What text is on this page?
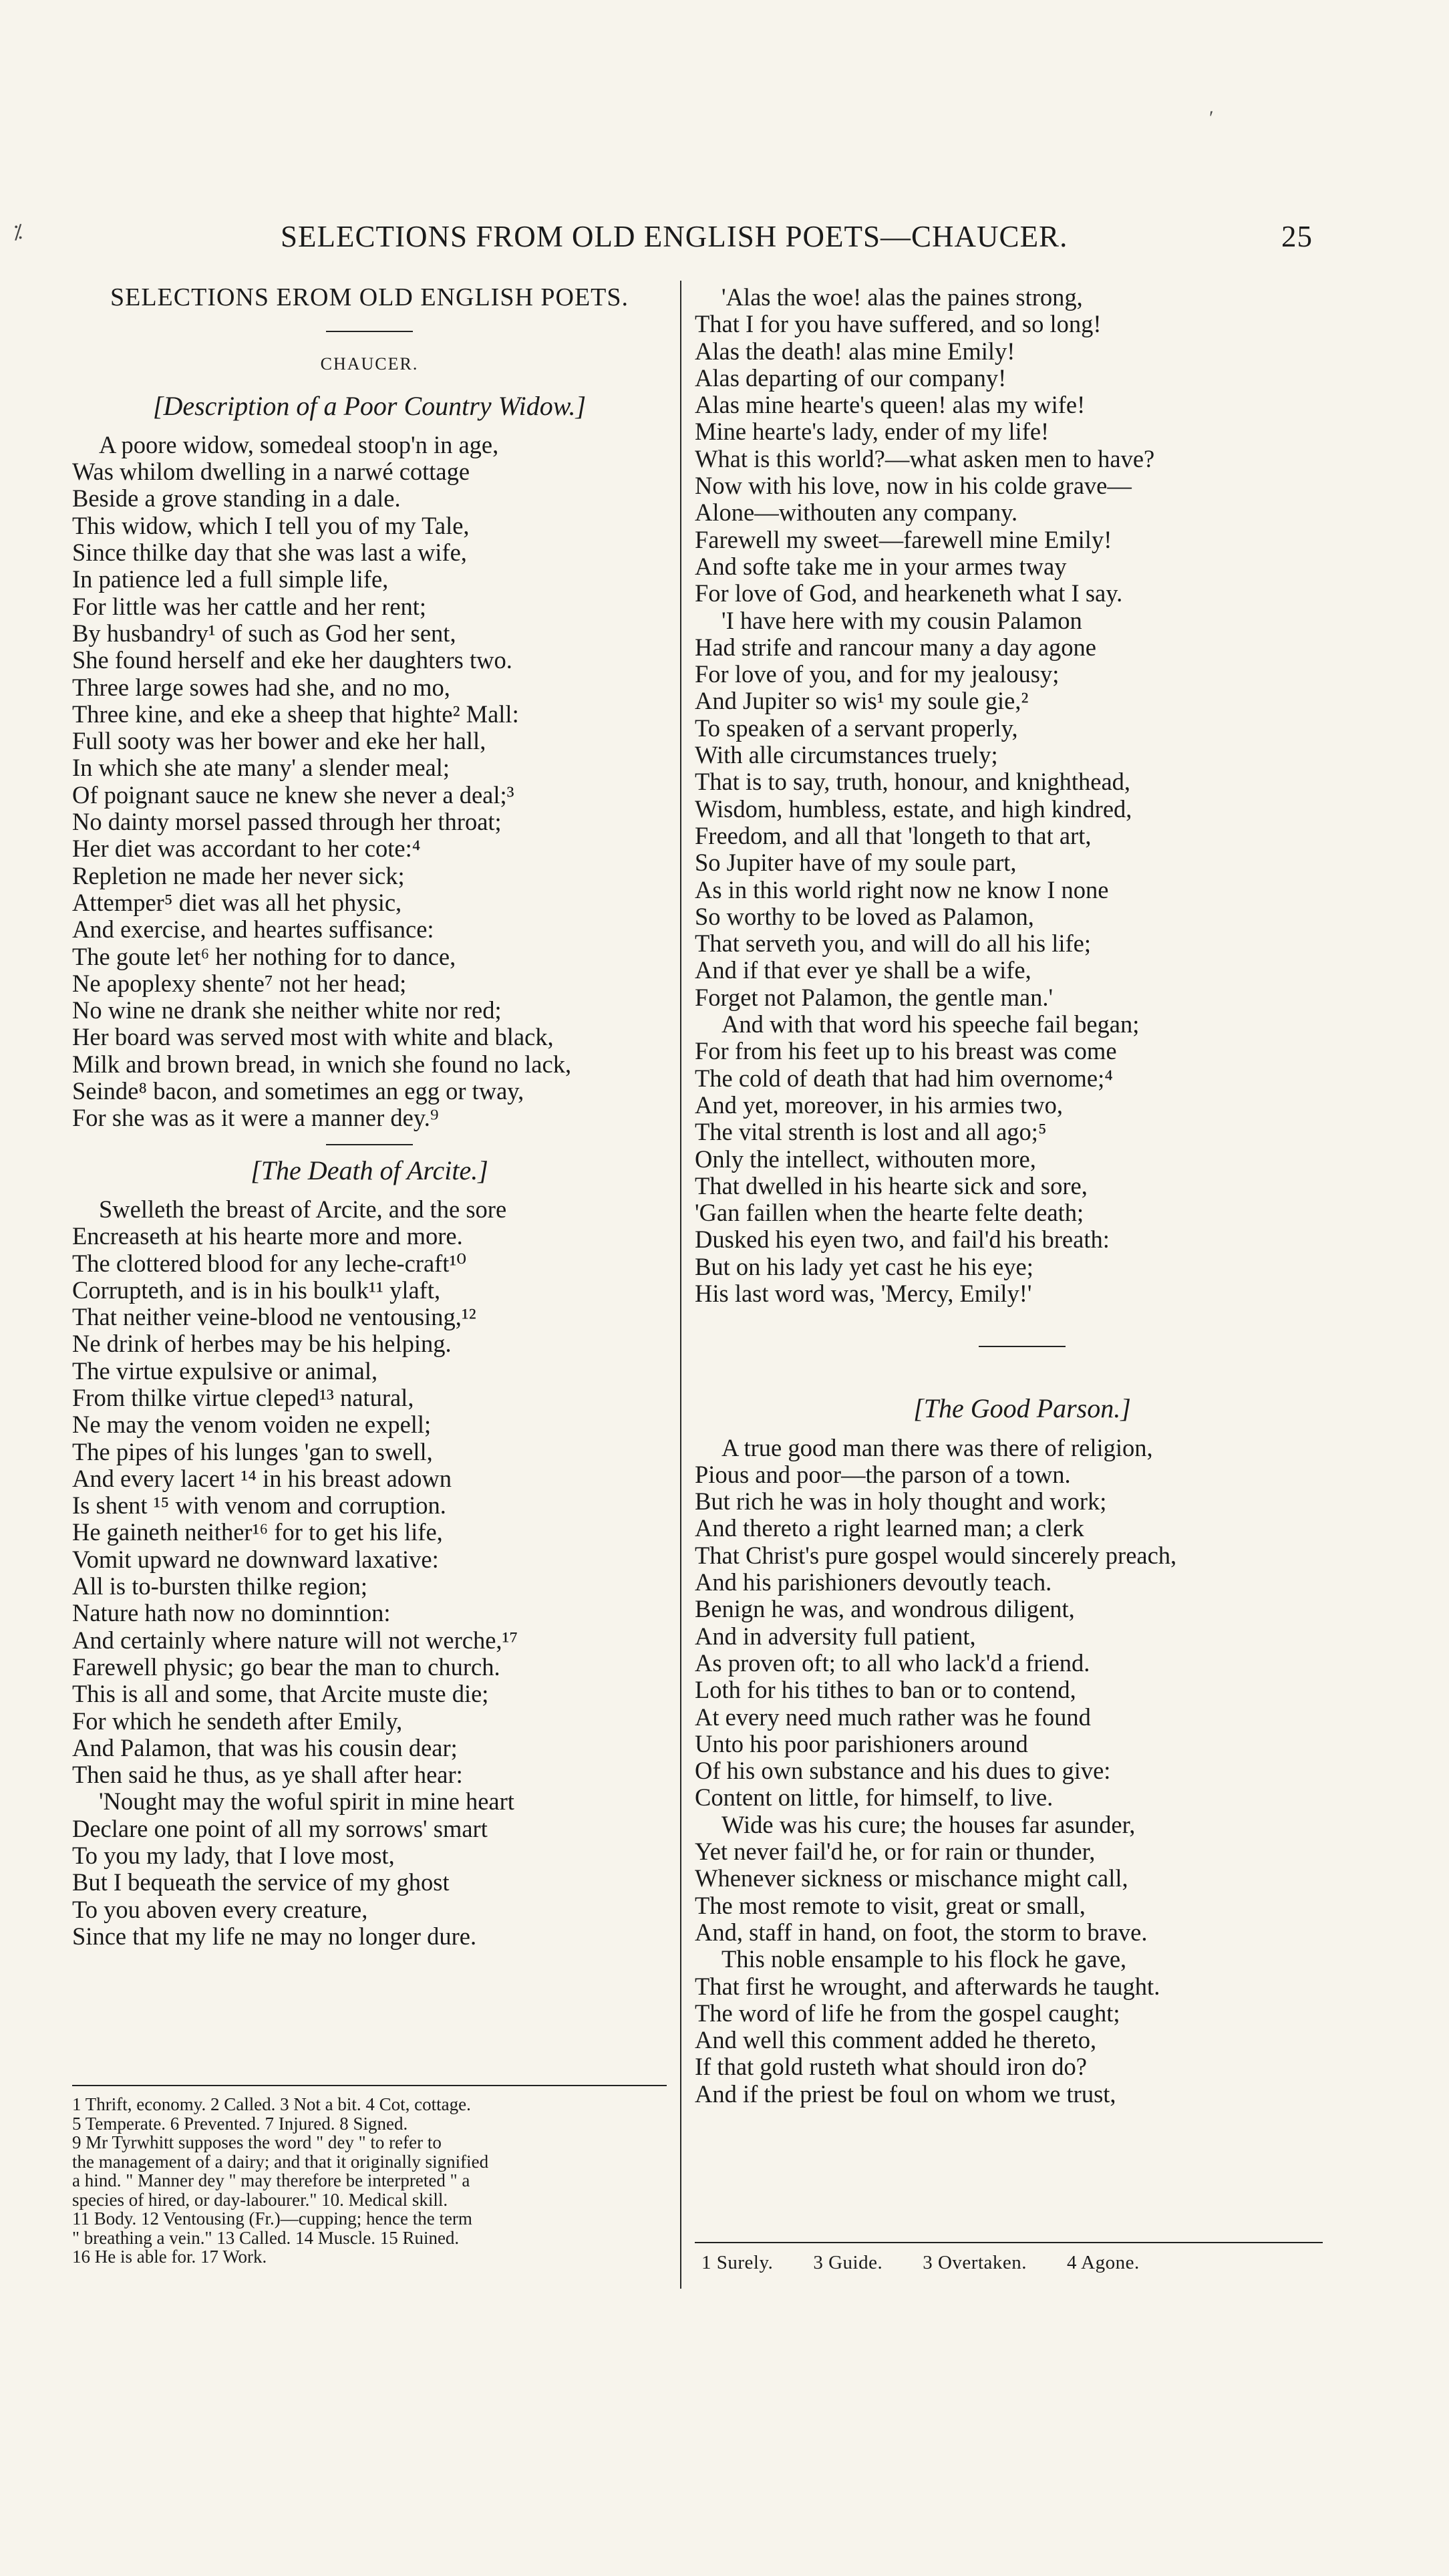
SELECTIONS FROM OLD ENGLISH POETS—CHAUCER.	25
SELECTIONS EROM OLD ENGLISH POETS.
CHAUCER.
[Description of a Poor Country Widow.]
A poore widow, somedeal stoop'n in age,
Was whilom dwelling in a narwé cottage
Beside a grove standing in a dale.
This widow, which I tell you of my Tale,
Since thilke day that she was last a wife,
In patience led a full simple life,
For little was her cattle and her rent;
By husbandry¹ of such as God her sent,
She found herself and eke her daughters two.
Three large sowes had she, and no mo,
Three kine, and eke a sheep that highte² Mall:
Full sooty was her bower and eke her hall,
In which she ate many' a slender meal;
Of poignant sauce ne knew she never a deal;³
No dainty morsel passed through her throat;
Her diet was accordant to her cote:⁴
Repletion ne made her never sick;
Attemper⁵ diet was all het physic,
And exercise, and heartes suffisance:
The goute let⁶ her nothing for to dance,
Ne apoplexy shente⁷ not her head;
No wine ne drank she neither white nor red;
Her board was served most with white and black,
Milk and brown bread, in wnich she found no lack,
Seinde⁸ bacon, and sometimes an egg or tway,
For she was as it were a manner dey.⁹
[The Death of Arcite.]
Swelleth the breast of Arcite, and the sore
Encreaseth at his hearte more and more.
The clottered blood for any leche-craft¹⁰
Corrupteth, and is in his boulk¹¹ ylaft,
That neither veine-blood ne ventousing,¹²
Ne drink of herbes may be his helping.
The virtue expulsive or animal,
From thilke virtue cleped¹³ natural,
Ne may the venom voiden ne expell;
The pipes of his lunges 'gan to swell,
And every lacert ¹⁴ in his breast adown
Is shent ¹⁵ with venom and corruption.
He gaineth neither¹⁶ for to get his life,
Vomit upward ne downward laxative:
All is to-bursten thilke region;
Nature hath now no dominntion:
And certainly where nature will not werche,¹⁷
Farewell physic; go bear the man to church.
This is all and some, that Arcite muste die;
For which he sendeth after Emily,
And Palamon, that was his cousin dear;
Then said he thus, as ye shall after hear:
'Nought may the woful spirit in mine heart
Declare one point of all my sorrows' smart
To you my lady, that I love most,
But I bequeath the service of my ghost
To you aboven every creature,
Since that my life ne may no longer dure.
1 Thrift, economy. 2 Called. 3 Not a bit. 4 Cot, cottage.
5 Temperate. 6 Prevented. 7 Injured. 8 Signed.
9 Mr Tyrwhitt supposes the word " dey " to refer to
the management of a dairy; and that it originally signified
a hind. " Manner dey " may therefore be interpreted " a
species of hired, or day-labourer." 10. Medical skill.
11 Body. 12 Ventousing (Fr.)—cupping; hence the term
" breathing a vein." 13 Called. 14 Muscle. 15 Ruined.
16 He is able for. 17 Work.
'Alas the woe! alas the paines strong,
That I for you have suffered, and so long!
Alas the death! alas mine Emily!
Alas departing of our company!
Alas mine hearte's queen! alas my wife!
Mine hearte's lady, ender of my life!
What is this world?—what asken men to have?
Now with his love, now in his colde grave—
Alone—withouten any company.
Farewell my sweet—farewell mine Emily!
And softe take me in your armes tway
For love of God, and hearkeneth what I say.
'I have here with my cousin Palamon
Had strife and rancour many a day agone
For love of you, and for my jealousy;
And Jupiter so wis¹ my soule gie,²
To speaken of a servant properly,
With alle circumstances truely;
That is to say, truth, honour, and knighthead,
Wisdom, humbless, estate, and high kindred,
Freedom, and all that 'longeth to that art,
So Jupiter have of my soule part,
As in this world right now ne know I none
So worthy to be loved as Palamon,
That serveth you, and will do all his life;
And if that ever ye shall be a wife,
Forget not Palamon, the gentle man.'
And with that word his speeche fail began;
For from his feet up to his breast was come
The cold of death that had him overnome;⁴
And yet, moreover, in his armies two,
The vital strenth is lost and all ago;⁵
Only the intellect, withouten more,
That dwelled in his hearte sick and sore,
'Gan faillen when the hearte felte death;
Dusked his eyen two, and fail'd his breath:
But on his lady yet cast he his eye;
His last word was, 'Mercy, Emily!'
[The Good Parson.]
A true good man there was there of religion,
Pious and poor—the parson of a town.
But rich he was in holy thought and work;
And thereto a right learned man; a clerk
That Christ's pure gospel would sincerely preach,
And his parishioners devoutly teach.
Benign he was, and wondrous diligent,
And in adversity full patient,
As proven oft; to all who lack'd a friend.
Loth for his tithes to ban or to contend,
At every need much rather was he found
Unto his poor parishioners around
Of his own substance and his dues to give:
Content on little, for himself, to live.
Wide was his cure; the houses far asunder,
Yet never fail'd he, or for rain or thunder,
Whenever sickness or mischance might call,
The most remote to visit, great or small,
And, staff in hand, on foot, the storm to brave.
This noble ensample to his flock he gave,
That first he wrought, and afterwards he taught.
The word of life he from the gospel caught;
And well this comment added he thereto,
If that gold rusteth what should iron do?
And if the priest be foul on whom we trust,
1 Surely. 3 Guide. 3 Overtaken. 4 Agone.
⁒
ʹ
